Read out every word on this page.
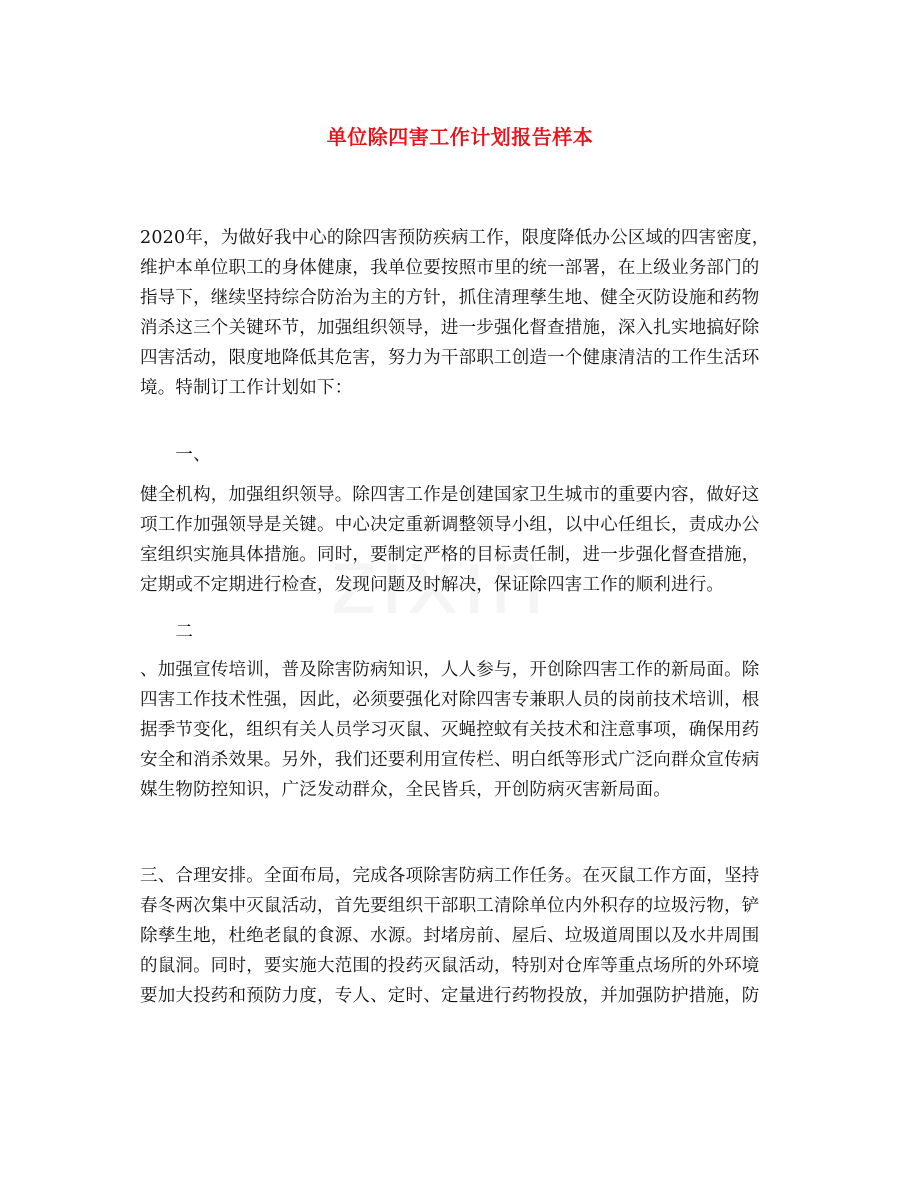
单位除四害工作计划报告样本
2020年，为做好我中心的除四害预防疾病工作，限度降低办公区域的四害密度，
维护本单位职工的身体健康，我单位要按照市里的统一部署，在上级业务部门的
指导下，继续坚持综合防治为主的方针，抓住清理孳生地、健全灭防设施和药物
消杀这三个关键环节，加强组织领导，进一步强化督查措施，深入扎实地搞好除
四害活动，限度地降低其危害，努力为干部职工创造一个健康清洁的工作生活环
境。特制订工作计划如下：
　　一、
健全机构，加强组织领导。除四害工作是创建国家卫生城市的重要内容，做好这
项工作加强领导是关键。中心决定重新调整领导小组，以中心任组长，责成办公
室组织实施具体措施。同时，要制定严格的目标责任制，进一步强化督查措施，
定期或不定期进行检查，发现问题及时解决，保证除四害工作的顺利进行。
　　二
、加强宣传培训，普及除害防病知识，人人参与，开创除四害工作的新局面。除
四害工作技术性强，因此，必须要强化对除四害专兼职人员的岗前技术培训，根
据季节变化，组织有关人员学习灭鼠、灭蝇控蚊有关技术和注意事项，确保用药
安全和消杀效果。另外，我们还要利用宣传栏、明白纸等形式广泛向群众宣传病
媒生物防控知识，广泛发动群众，全民皆兵，开创防病灭害新局面。
三、合理安排。全面布局，完成各项除害防病工作任务。在灭鼠工作方面，坚持
春冬两次集中灭鼠活动，首先要组织干部职工清除单位内外积存的垃圾污物，铲
除孳生地，杜绝老鼠的食源、水源。封堵房前、屋后、垃圾道周围以及水井周围
的鼠洞。同时，要实施大范围的投药灭鼠活动，特别对仓库等重点场所的外环境
要加大投药和预防力度，专人、定时、定量进行药物投放，并加强防护措施，防
